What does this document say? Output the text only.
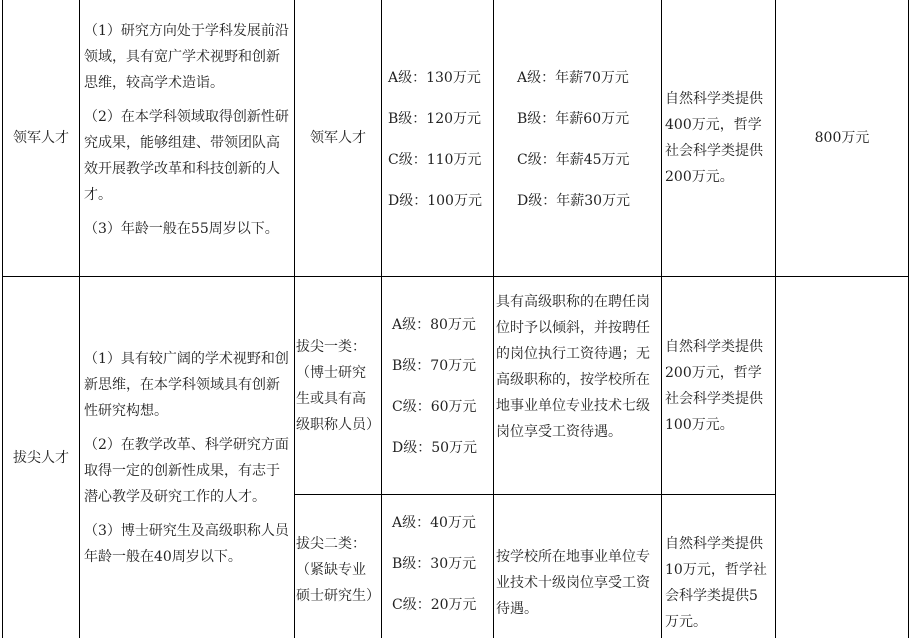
领军人才

（1）研究方向处于学科发展前沿领域，具有宽广学术视野和创新思维，较高学术造诣。

（2）在本学科领域取得创新性研究成果，能够组建、带领团队高效开展教学改革和科技创新的人才。

（3）年龄一般在55周岁以下。

领军人才

A级：130万元

B级：120万元

C级：110万元

D级：100万元

A级：年薪70万元

B级：年薪60万元

C级：年薪45万元

D级：年薪30万元

自然科学类提供400万元，哲学社会科学类提供200万元。

800万元
拔尖人才

（1）具有较广阔的学术视野和创新思维，在本学科领域具有创新性研究构想。

（2）在教学改革、科学研究方面取得一定的创新性成果，有志于潜心教学及研究工作的人才。

（3）博士研究生及高级职称人员年龄一般在40周岁以下。

拔尖一类：（博士研究生或具有高级职称人员）

A级：80万元

B级：70万元

C级：60万元

D级：50万元

具有高级职称的在聘任岗位时予以倾斜，并按聘任的岗位执行工资待遇；无高级职称的，按学校所在地事业单位专业技术七级岗位享受工资待遇。

自然科学类提供200万元，哲学社会科学类提供100万元。

拔尖二类：（紧缺专业硕士研究生）

A级：40万元

B级：30万元

C级：20万元

按学校所在地事业单位专业技术十级岗位享受工资待遇。

自然科学类提供10万元，哲学社会科学类提供5万元。
